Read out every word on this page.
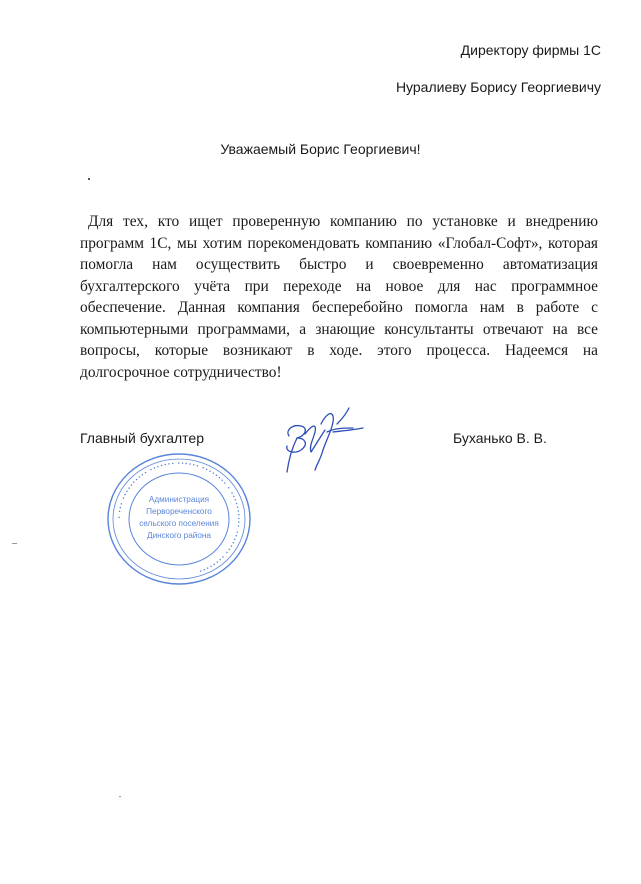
Директору фирмы 1С
Нуралиеву Борису Георгиевичу
Уважаемый Борис Георгиевич!

Для тех, кто ищет проверенную компанию по установке и внедрению программ 1С, мы хотим порекомендовать компанию «Глобал-Софт», которая помогла нам осуществить быстро и своевременно автоматизация бухгалтерского учёта при переходе на новое для нас программное обеспечение. Данная компания бесперебойно помогла нам в работе с компьютерными программами, а знающие консультанты отвечают на все вопросы, которые возникают в ходе. этого процесса. Надеемся на долгосрочное сотрудничество!

Главный бухгалтер	Буханько В. В.
• ••• •••••••••• ••••••• •••••• •••••••• • •••••••••• ••••••• ••••••••
Администрация
Первореченского
сельского поселения
Динского района
